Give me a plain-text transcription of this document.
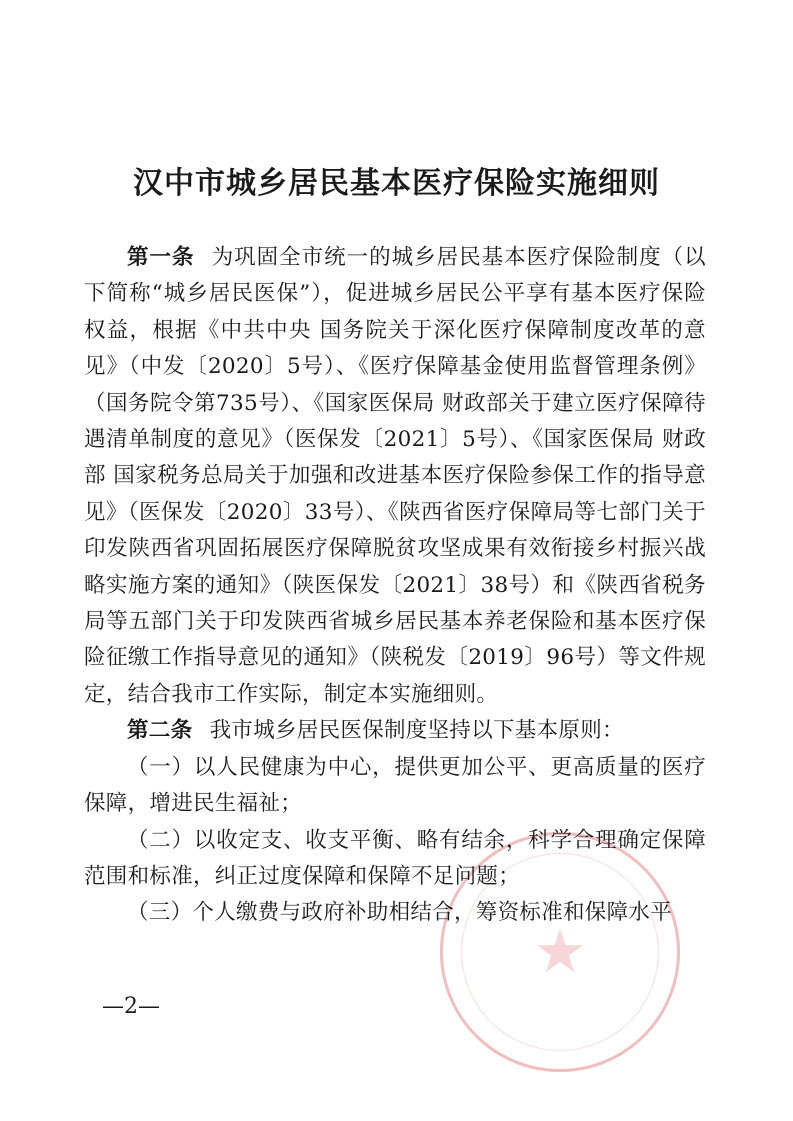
★
汉中市城乡居民基本医疗保险实施细则

第一条 为巩固全市统一的城乡居民基本医疗保险制度（以下简称“城乡居民医保”），促进城乡居民公平享有基本医疗保险权益，根据《中共中央 国务院关于深化医疗保障制度改革的意见》（中发〔2020〕5号）、《医疗保障基金使用监督管理条例》（国务院令第735号）、《国家医保局 财政部关于建立医疗保障待遇清单制度的意见》（医保发〔2021〕5号）、《国家医保局 财政部 国家税务总局关于加强和改进基本医疗保险参保工作的指导意见》（医保发〔2020〕33号）、《陕西省医疗保障局等七部门关于印发陕西省巩固拓展医疗保障脱贫攻坚成果有效衔接乡村振兴战略实施方案的通知》（陕医保发〔2021〕38号）和《陕西省税务局等五部门关于印发陕西省城乡居民基本养老保险和基本医疗保险征缴工作指导意见的通知》（陕税发〔2019〕96号）等文件规定，结合我市工作实际，制定本实施细则。

第二条 我市城乡居民医保制度坚持以下基本原则：

（一）以人民健康为中心，提供更加公平、更高质量的医疗保障，增进民生福祉；

（二）以收定支、收支平衡、略有结余，科学合理确定保障范围和标准，纠正过度保障和保障不足问题；

（三）个人缴费与政府补助相结合，筹资标准和保障水平

—2—
